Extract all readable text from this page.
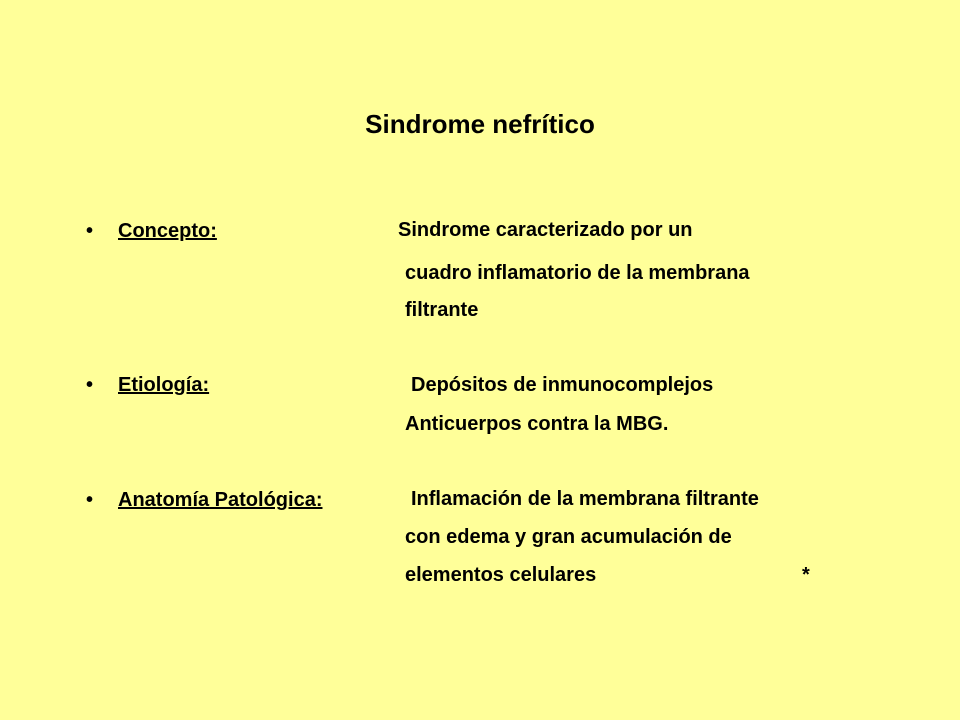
Sindrome nefrítico
• Concepto:	Sindrome caracterizado por un
cuadro inflamatorio de la membrana
filtrante
• Etiología:	Depósitos de inmunocomplejos
Anticuerpos contra la MBG.
• Anatomía Patológica:	Inflamación de la membrana filtrante
con edema y gran acumulación de
elementos celulares	*
